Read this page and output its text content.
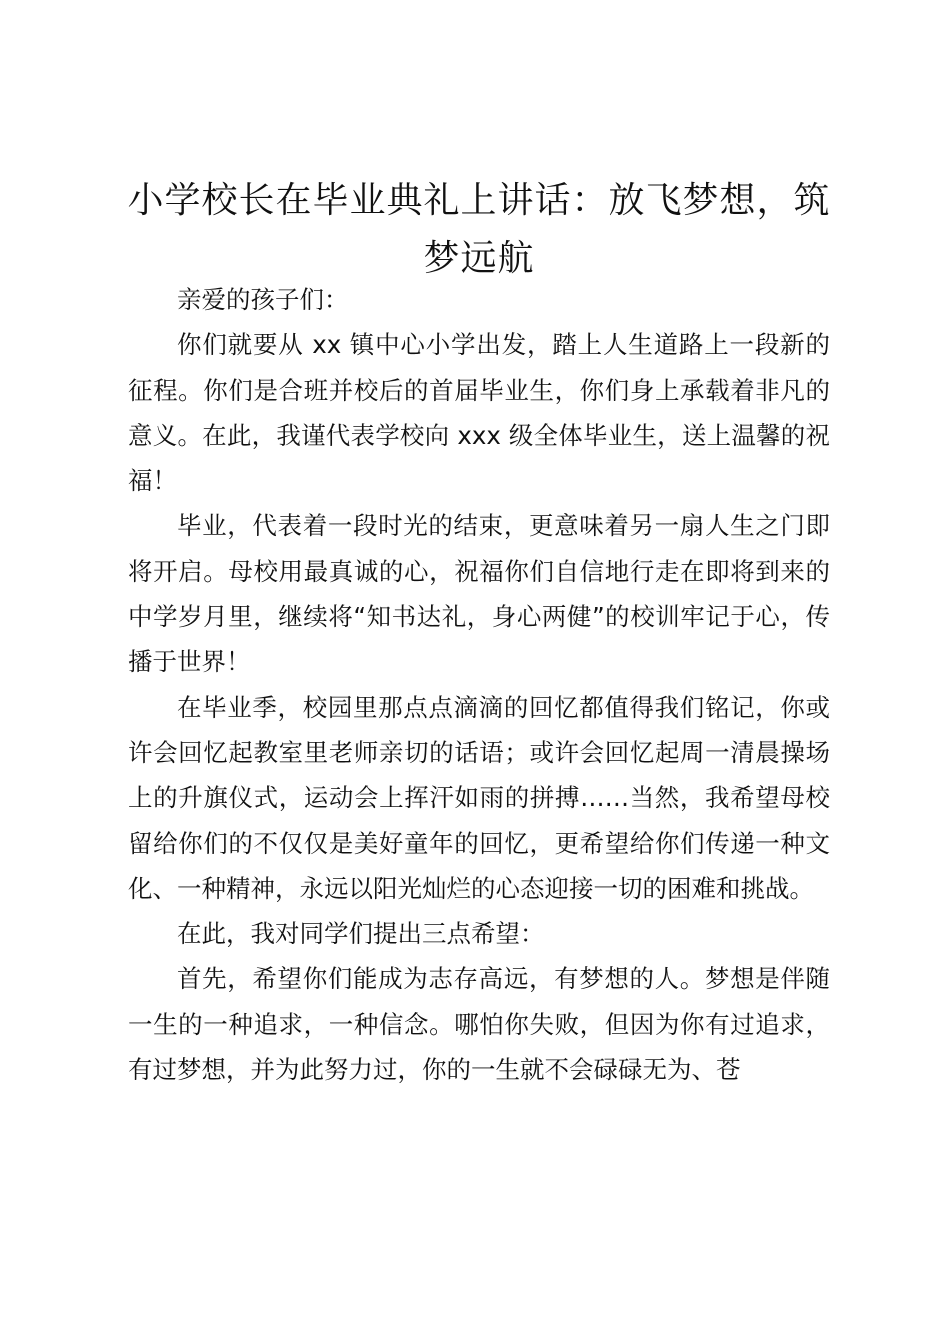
小学校长在毕业典礼上讲话：放飞梦想，筑梦远航

亲爱的孩子们：

你们就要从 xx 镇中心小学出发，踏上人生道路上一段新的征程。你们是合班并校后的首届毕业生，你们身上承载着非凡的意义。在此，我谨代表学校向 xxx 级全体毕业生，送上温馨的祝福！

毕业，代表着一段时光的结束，更意味着另一扇人生之门即将开启。母校用最真诚的心，祝福你们自信地行走在即将到来的中学岁月里，继续将“知书达礼，身心两健”的校训牢记于心，传播于世界！

在毕业季，校园里那点点滴滴的回忆都值得我们铭记，你或许会回忆起教室里老师亲切的话语；或许会回忆起周一清晨操场上的升旗仪式，运动会上挥汗如雨的拼搏……当然，我希望母校留给你们的不仅仅是美好童年的回忆，更希望给你们传递一种文化、一种精神，永远以阳光灿烂的心态迎接一切的困难和挑战。

在此，我对同学们提出三点希望：

首先，希望你们能成为志存高远，有梦想的人。梦想是伴随一生的一种追求，一种信念。哪怕你失败，但因为你有过追求，有过梦想，并为此努力过，你的一生就不会碌碌无为、苍
